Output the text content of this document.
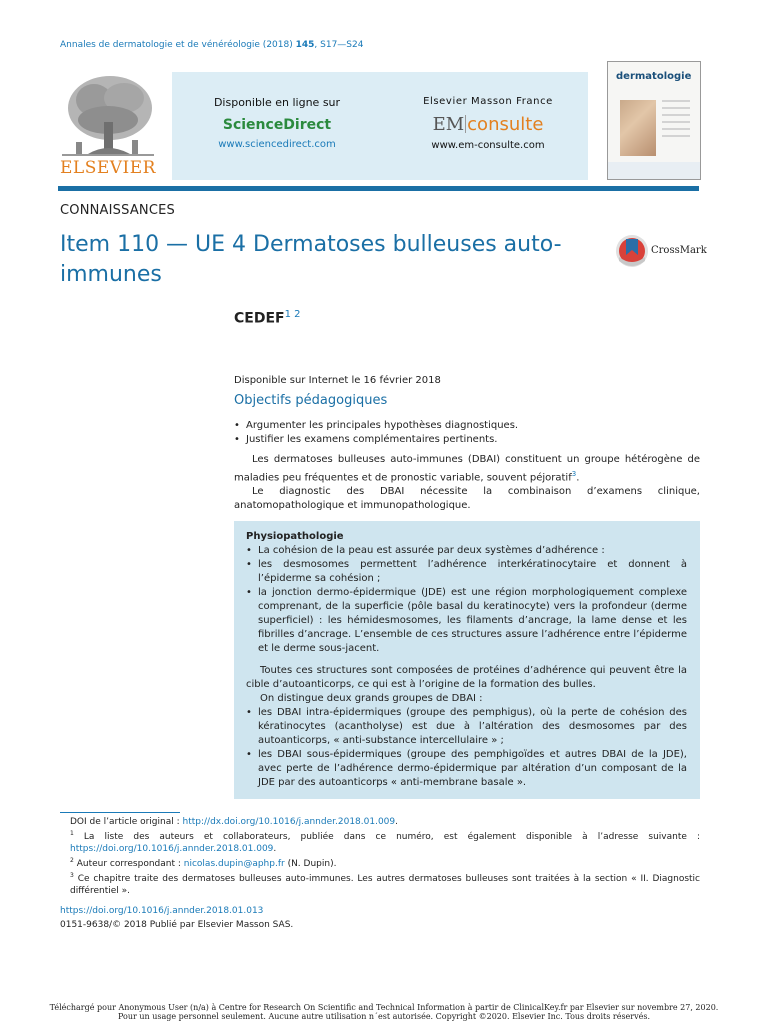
Annales de dermatologie et de vénéréologie (2018) 145, S17—S24
ELSEVIER
Disponible en ligne sur
ScienceDirect
www.sciencedirect.com
Elsevier Masson France
EM consulte
www.em-consulte.com
dermatologie
CONNAISSANCES
Item 110 — UE 4 Dermatoses bulleuses auto-immunes
CrossMark
$CEDEF^{1 2}$
Disponible sur Internet le 16 février 2018
Objectifs pédagogiques
• Argumenter les principales hypothèses diagnostiques.
• Justifier les examens complémentaires pertinents.

Les dermatoses bulleuses auto-immunes (DBAI) constituent un groupe hétérogène de maladies peu fréquentes et de pronostic variable, souvent péjoratif$^3$.

Le diagnostic des DBAI nécessite la combinaison d’examens clinique, anatomopathologique et immunopathologique.

Physiopathologie

• La cohésion de la peau est assurée par deux systèmes d’adhérence :

• les desmosomes permettent l’adhérence interkératinocytaire et donnent à l’épiderme sa cohésion ;

• la jonction dermo-épidermique (JDE) est une région morphologiquement complexe comprenant, de la superficie (pôle basal du keratinocyte) vers la profondeur (derme superficiel) : les hémidesmosomes, les filaments d’ancrage, la lame dense et les fibrilles d’ancrage. L’ensemble de ces structures assure l’adhérence entre l’épiderme et le derme sous-jacent.

Toutes ces structures sont composées de protéines d’adhérence qui peuvent être la cible d’autoanticorps, ce qui est à l’origine de la formation des bulles.

On distingue deux grands groupes de DBAI :

• les DBAI intra-épidermiques (groupe des pemphigus), où la perte de cohésion des kératinocytes (acantholyse) est due à l’altération des desmosomes par des autoanticorps, « anti-substance intercellulaire » ;

• les DBAI sous-épidermiques (groupe des pemphigoïdes et autres DBAI de la JDE), avec perte de l’adhérence dermo-épidermique par altération d’un composant de la JDE par des autoanticorps « anti-membrane basale ».

DOI de l’article original : http://dx.doi.org/10.1016/j.annder.2018.01.009.

$^1$ La liste des auteurs et collaborateurs, publiée dans ce numéro, est également disponible à l’adresse suivante : https://doi.org/10.1016/j.annder.2018.01.009.

$^2$ Auteur correspondant : nicolas.dupin@aphp.fr (N. Dupin).

$^3$ Ce chapitre traite des dermatoses bulleuses auto-immunes. Les autres dermatoses bulleuses sont traitées à la section « II. Diagnostic différentiel ».

https://doi.org/10.1016/j.annder.2018.01.013
0151-9638/© 2018 Publié par Elsevier Masson SAS.
Téléchargé pour Anonymous User (n/a) à Centre for Research On Scientific and Technical Information à partir de ClinicalKey.fr par Elsevier sur novembre 27, 2020.
Pour un usage personnel seulement. Aucune autre utilisation n´est autorisée. Copyright ©2020. Elsevier Inc. Tous droits réservés.
